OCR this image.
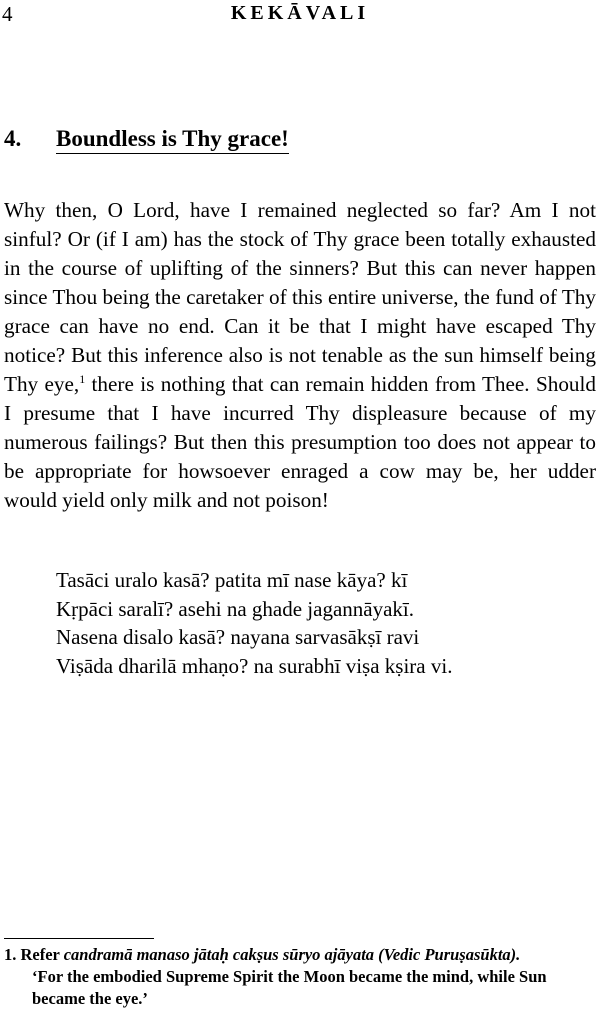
4	KEKĀVALI
4. Boundless is Thy grace!

Why then, O Lord, have I remained neglected so far? Am I not sinful? Or (if I am) has the stock of Thy grace been totally exhausted in the course of uplifting of the sinners? But this can never happen since Thou being the caretaker of this entire universe, the fund of Thy grace can have no end. Can it be that I might have escaped Thy notice? But this inference also is not tenable as the sun himself being Thy eye,$^1$ there is nothing that can remain hidden from Thee. Should I presume that I have incurred Thy displeasure because of my numerous failings? But then this presumption too does not appear to be appropriate for howsoever enraged a cow may be, her udder would yield only milk and not poison!

Tasāci uralo kasā? patita mī nase kāya? kī
Kṛpāci saralī? asehi na ghade jagannāyakī.
Nasena disalo kasā? nayana sarvasākṣī ravi
Viṣāda dharilā mhaṇo? na surabhī viṣa kṣira vi.
1. Refer candramā manaso jātaḥ cakṣus sūryo ajāyata (Vedic Puruṣasūkta).
‘For the embodied Supreme Spirit the Moon became the mind, while Sun
became the eye.’
